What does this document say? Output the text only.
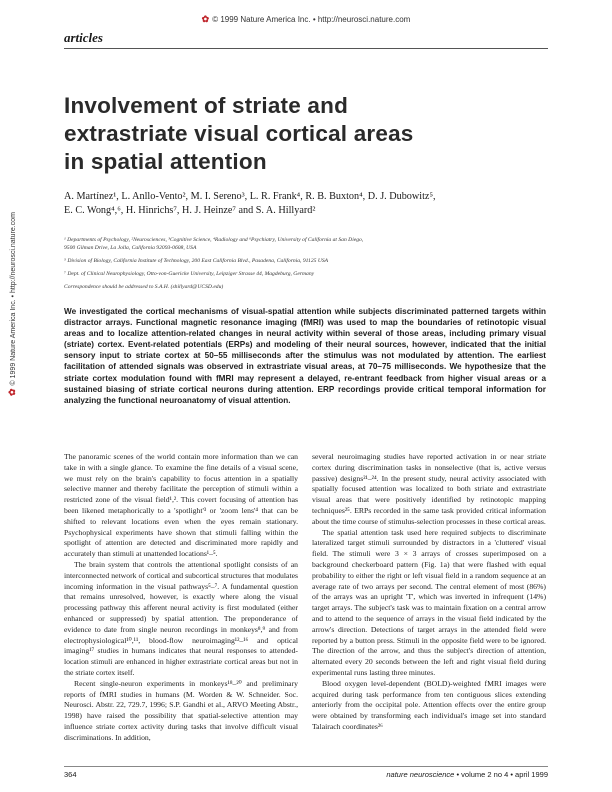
✿ © 1999 Nature America Inc. • http://neurosci.nature.com
articles
Involvement of striate and
extrastriate visual cortical areas
in spatial attention
A. Martínez¹, L. Anllo-Vento², M. I. Sereno³, L. R. Frank⁴, R. B. Buxton⁴, D. J. Dubowitz⁵,
E. C. Wong⁴,⁶, H. Hinrichs⁷, H. J. Heinze⁷ and S. A. Hillyard²
¹ Departments of Psychology, ²Neurosciences, ³Cognitive Science, ⁴Radiology and ⁶Psychiatry, University of California at San Diego,
9500 Gilman Drive, La Jolla, California 92093-0608, USA
⁵ Division of Biology, California Institute of Technology, 200 East California Blvd., Pasadena, California, 91125 USA
⁷ Dept. of Clinical Neurophysiology, Otto-von-Guericke University, Leipziger Strasse 44, Magdeburg, Germany
Correspondence should be addressed to S.A.H. (shillyard@UCSD.edu)
We investigated the cortical mechanisms of visual-spatial attention while subjects discriminated patterned targets within distractor arrays. Functional magnetic resonance imaging (fMRI) was used to map the boundaries of retinotopic visual areas and to localize attention-related changes in neural activity within several of those areas, including primary visual (striate) cortex. Event-related potentials (ERPs) and modeling of their neural sources, however, indicated that the initial sensory input to striate cortex at 50–55 milliseconds after the stimulus was not modulated by attention. The earliest facilitation of attended signals was observed in extrastriate visual areas, at 70–75 milliseconds. We hypothesize that the striate cortex modulation found with fMRI may represent a delayed, re-entrant feedback from higher visual areas or a sustained biasing of striate cortical neurons during attention. ERP recordings provide critical temporal information for analyzing the functional neuroanatomy of visual attention.
✿© 1999 Nature America Inc. • http://neurosci.nature.com

The panoramic scenes of the world contain more information than we can take in with a single glance. To examine the fine details of a visual scene, we must rely on the brain's capability to focus attention in a spatially selective manner and thereby facilitate the perception of stimuli within a restricted zone of the visual field¹,². This covert focusing of attention has been likened metaphorically to a 'spotlight'³ or 'zoom lens'⁴ that can be shifted to relevant locations even when the eyes remain stationary. Psychophysical experiments have shown that stimuli falling within the spotlight of attention are detected and discriminated more rapidly and accurately than stimuli at unattended locations¹–⁵.

The brain system that controls the attentional spotlight consists of an interconnected network of cortical and subcortical structures that modulates incoming information in the visual pathways⁵–⁷. A fundamental question that remains unresolved, however, is exactly where along the visual processing pathway this afferent neural activity is first modulated (either enhanced or suppressed) by spatial attention. The preponderance of evidence to date from single neuron recordings in monkeys⁸,⁹ and from electrophysiological¹⁰,¹¹, blood-flow neuroimaging¹²–¹⁶ and optical imaging¹⁷ studies in humans indicates that neural responses to attended-location stimuli are enhanced in higher extrastriate cortical areas but not in the striate cortex itself.

Recent single-neuron experiments in monkeys¹⁸–²⁰ and preliminary reports of fMRI studies in humans (M. Worden & W. Schneider. Soc. Neurosci. Abstr. 22, 729.7, 1996; S.P. Gandhi et al., ARVO Meeting Abstr., 1998) have raised the possibility that spatial-selective attention may influence striate cortex activity during tasks that involve difficult visual discriminations. In addition,

several neuroimaging studies have reported activation in or near striate cortex during discrimination tasks in nonselective (that is, active versus passive) designs²¹–²⁴. In the present study, neural activity associated with spatially focused attention was localized to both striate and extrastriate visual areas that were positively identified by retinotopic mapping techniques²⁵. ERPs recorded in the same task provided critical information about the time course of stimulus-selection processes in these cortical areas.

The spatial attention task used here required subjects to discriminate lateralized target stimuli surrounded by distractors in a 'cluttered' visual field. The stimuli were 3 × 3 arrays of crosses superimposed on a background checkerboard pattern (Fig. 1a) that were flashed with equal probability to either the right or left visual field in a random sequence at an average rate of two arrays per second. The central element of most (86%) of the arrays was an upright 'T', which was inverted in infrequent (14%) target arrays. The subject's task was to maintain fixation on a central arrow and to attend to the sequence of arrays in the visual field indicated by the arrow's direction. Detections of target arrays in the attended field were reported by a button press. Stimuli in the opposite field were to be ignored. The direction of the arrow, and thus the subject's direction of attention, alternated every 20 seconds between the left and right visual field during experimental runs lasting three minutes.

Blood oxygen level-dependent (BOLD)-weighted fMRI images were acquired during task performance from ten contiguous slices extending anteriorly from the occipital pole. Attention effects over the entire group were obtained by transforming each individual's image set into standard Talairach coordinates²⁶

364	nature neuroscience • volume 2 no 4 • april 1999
